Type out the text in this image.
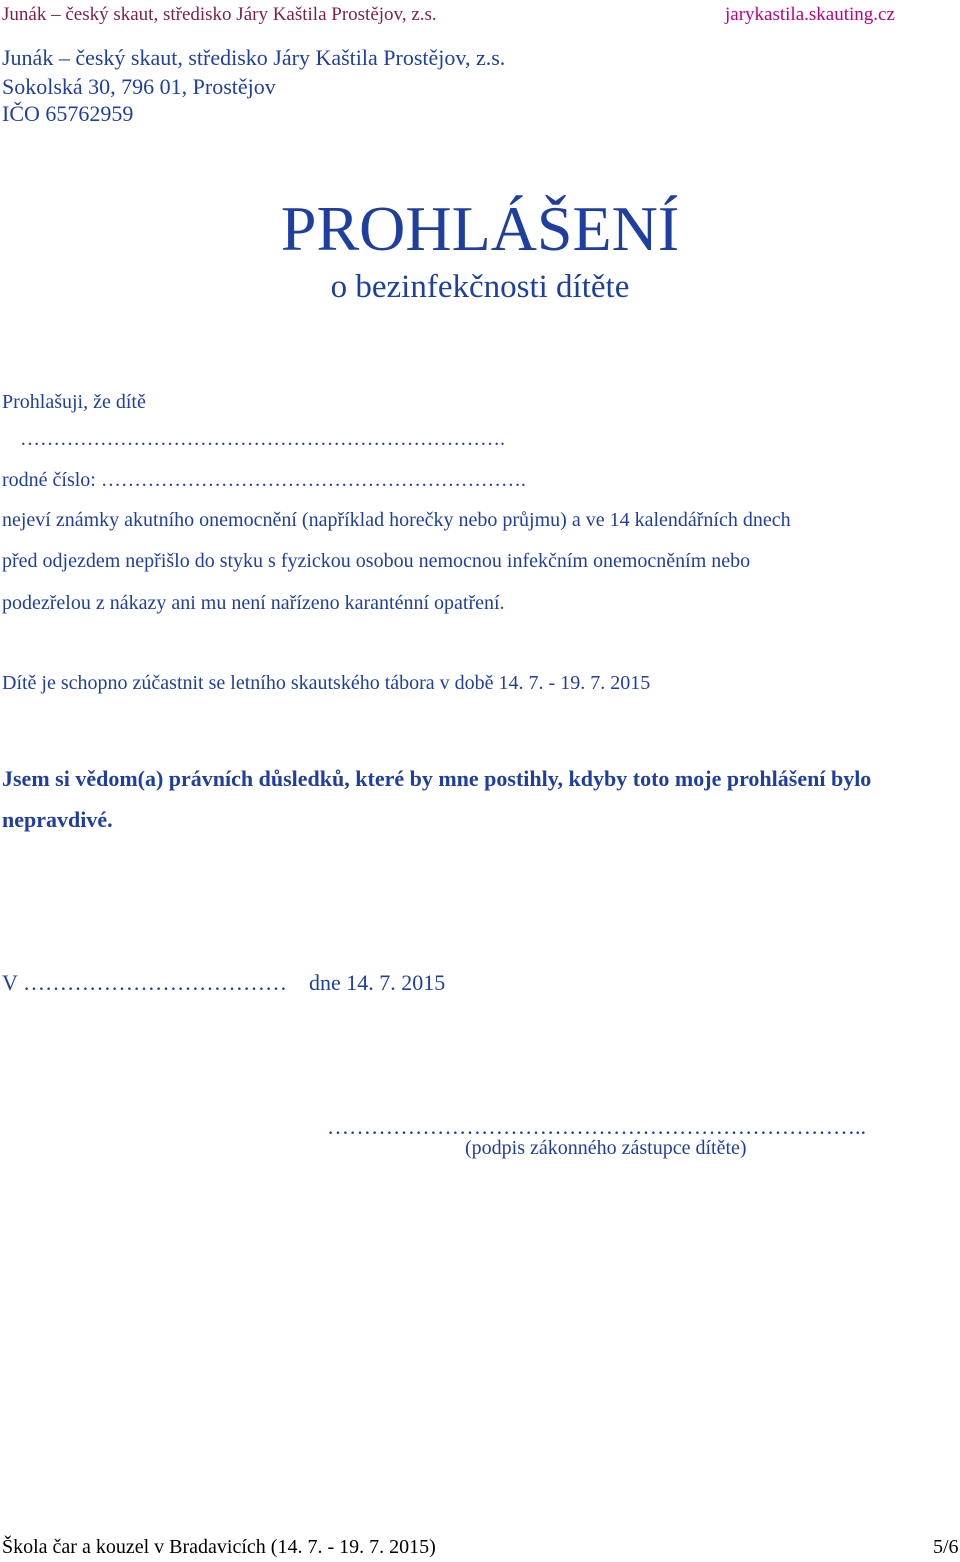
Junák – český skaut, středisko Járy Kaštila Prostějov, z.s.	jarykastila.skauting.cz
Junák – český skaut, středisko Járy Kaštila Prostějov, z.s.
Sokolská 30, 796 01, Prostějov
IČO 65762959
PROHLÁŠENÍ
o bezinfekčnosti dítěte
Prohlašuji, že dítě
……………………………………………………………….
rodné číslo: ……………………………………………………….
nejeví známky akutního onemocnění (například horečky nebo průjmu) a ve 14 kalendářních dnech
před odjezdem nepřišlo do styku s fyzickou osobou nemocnou infekčním onemocněním nebo
podezřelou z nákazy ani mu není nařízeno karanténní opatření.
Dítě je schopno zúčastnit se letního skautského tábora v době 14. 7. - 19. 7. 2015
Jsem si vědom(a) právních důsledků, které by mne postihly, kdyby toto moje prohlášení bylo nepravdivé.
V ……………………………… dne 14. 7. 2015
………………………………………………………………..
(podpis zákonného zástupce dítěte)
Škola čar a kouzel v Bradavicích (14. 7. - 19. 7. 2015)	5/6
